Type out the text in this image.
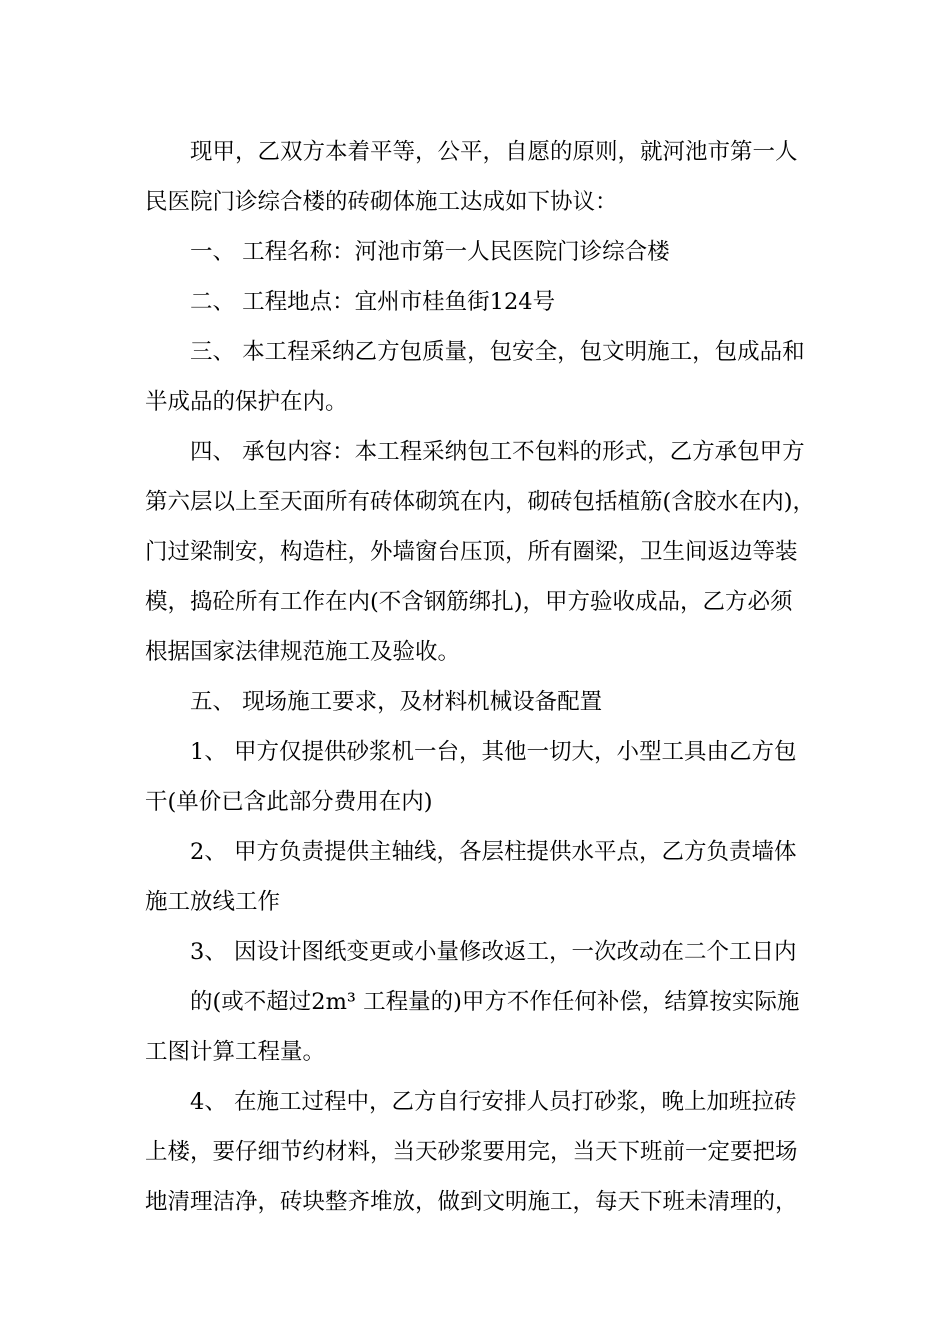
现甲，乙双方本着平等，公平，自愿的原则，就河池市第一人
民医院门诊综合楼的砖砌体施工达成如下协议：
一、 工程名称：河池市第一人民医院门诊综合楼
二、 工程地点：宜州市桂鱼街124号
三、 本工程采纳乙方包质量，包安全，包文明施工，包成品和
半成品的保护在内。
四、 承包内容：本工程采纳包工不包料的形式，乙方承包甲方
第六层以上至天面所有砖体砌筑在内，砌砖包括植筋(含胶水在内)，
门过梁制安，构造柱，外墙窗台压顶，所有圈梁，卫生间返边等装
模，捣砼所有工作在内(不含钢筋绑扎)，甲方验收成品，乙方必须
根据国家法律规范施工及验收。
五、 现场施工要求，及材料机械设备配置
1、 甲方仅提供砂浆机一台，其他一切大，小型工具由乙方包
干(单价已含此部分费用在内)
2、 甲方负责提供主轴线，各层柱提供水平点，乙方负责墙体
施工放线工作
3、 因设计图纸变更或小量修改返工，一次改动在二个工日内
的(或不超过2m³ 工程量的)甲方不作任何补偿，结算按实际施
工图计算工程量。
4、 在施工过程中，乙方自行安排人员打砂浆，晚上加班拉砖
上楼，要仔细节约材料，当天砂浆要用完，当天下班前一定要把场
地清理洁净，砖块整齐堆放，做到文明施工，每天下班未清理的，
